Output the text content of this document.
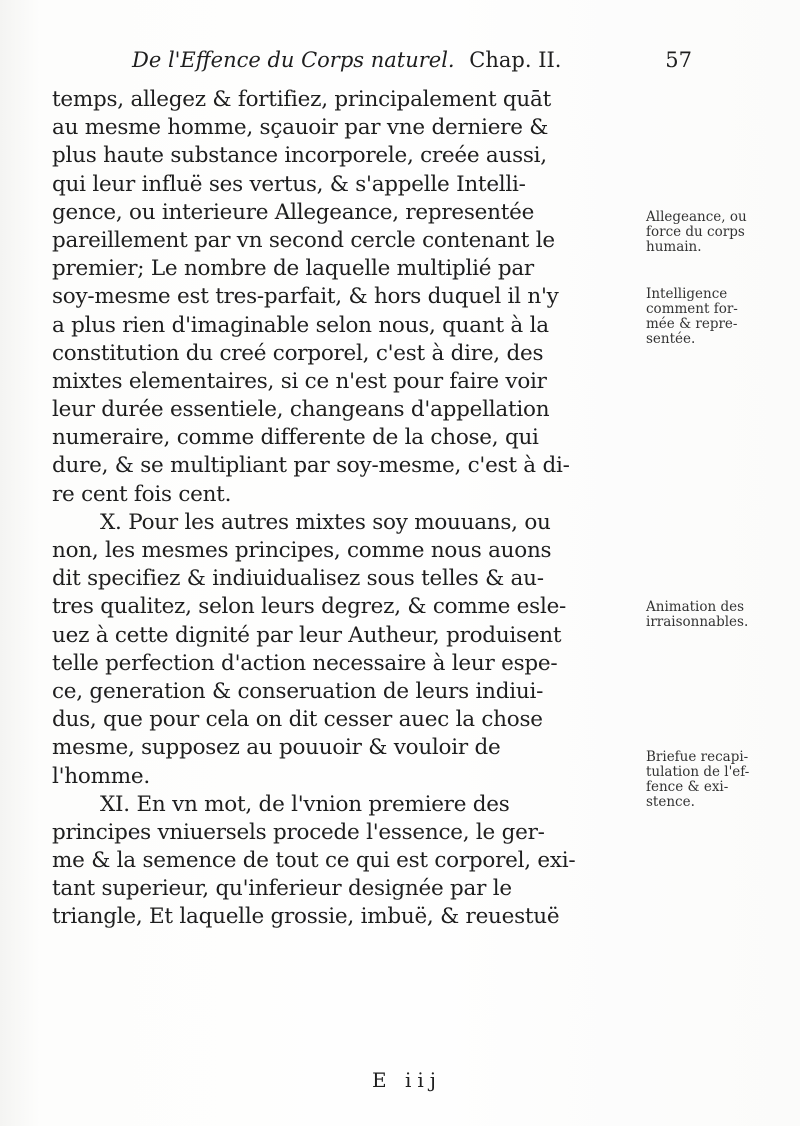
De l'Effence du Corps naturel. Chap. II.	57
temps, allegez & fortifiez, principalement quāt
au mesme homme, sçauoir par vne derniere &
plus haute substance incorporele, creée aussi,
qui leur influë ses vertus, & s'appelle Intelli-
gence, ou interieure Allegeance, representée
pareillement par vn second cercle contenant le
premier; Le nombre de laquelle multiplié par
soy-mesme est tres-parfait, & hors duquel il n'y
a plus rien d'imaginable selon nous, quant à la
constitution du creé corporel, c'est à dire, des
mixtes elementaires, si ce n'est pour faire voir
leur durée essentiele, changeans d'appellation
numeraire, comme differente de la chose, qui
dure, & se multipliant par soy-mesme, c'est à di-
re cent fois cent.
X. Pour les autres mixtes soy mouuans, ou
non, les mesmes principes, comme nous auons
dit specifiez & indiuidualisez sous telles & au-
tres qualitez, selon leurs degrez, & comme esle-
uez à cette dignité par leur Autheur, produisent
telle perfection d'action necessaire à leur espe-
ce, generation & conseruation de leurs indiui-
dus, que pour cela on dit cesser auec la chose
mesme, supposez au pouuoir & vouloir de
l'homme.
XI. En vn mot, de l'vnion premiere des
principes vniuersels procede l'essence, le ger-
me & la semence de tout ce qui est corporel, exi-
tant superieur, qu'inferieur designée par le
triangle, Et laquelle grossie, imbuë, & reuestuë
Allegeance, ou
force du corps
humain.
Intelligence
comment for-
mée & repre-
sentée.
Animation des
irraisonnables.
Briefue recapi-
tulation de l'ef-
fence & exi-
stence.
E iij
